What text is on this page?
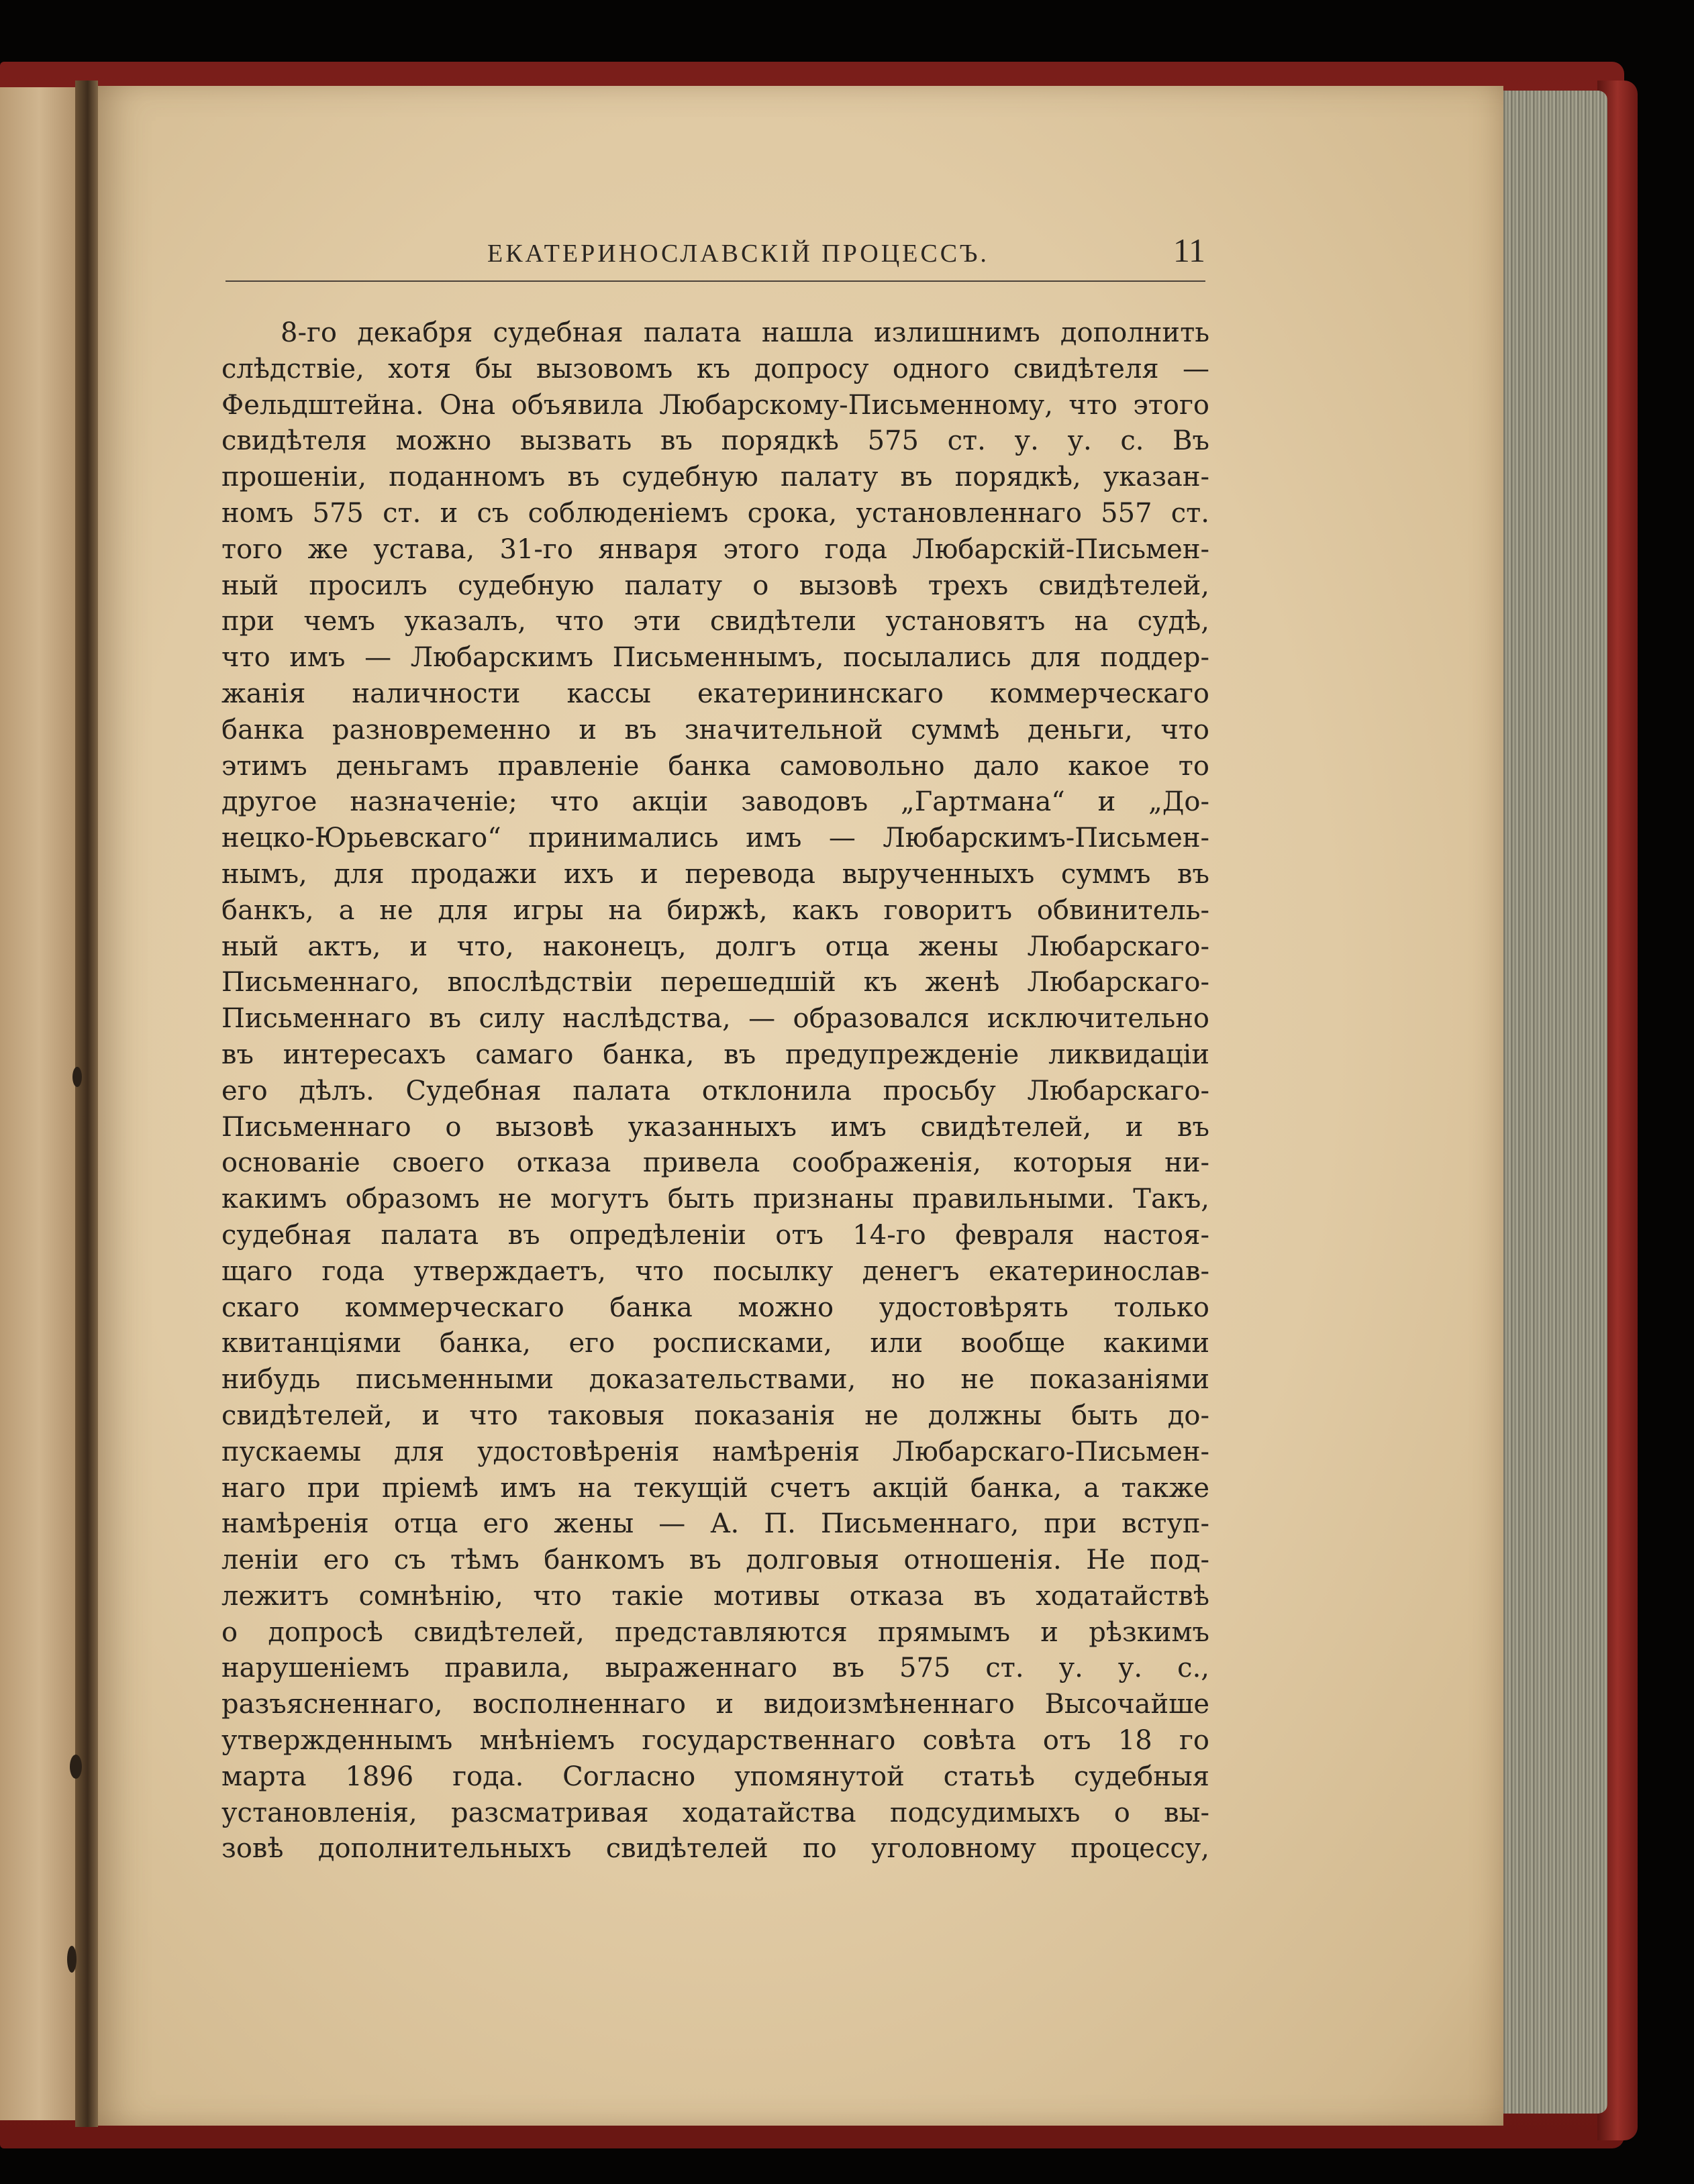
ЕКАТЕРИНОСЛАВСКІЙ ПРОЦЕССЪ.	11
8-го декабря судебная палата нашла излишнимъ дополнить
слѣдствіе, хотя бы вызовомъ къ допросу одного свидѣтеля —
Фельдштейна. Она объявила Любарскому-Письменному, что этого
свидѣтеля можно вызвать въ порядкѣ 575 ст. у. у. с. Въ
прошеніи, поданномъ въ судебную палату въ порядкѣ, указан-
номъ 575 ст. и съ соблюденіемъ срока, установленнаго 557 ст.
того же устава, 31-го января этого года Любарскій-Письмен-
ный просилъ судебную палату о вызовѣ трехъ свидѣтелей,
при чемъ указалъ, что эти свидѣтели установятъ на судѣ,
что имъ — Любарскимъ Письменнымъ, посылались для поддер-
жанія наличности кассы екатерининскаго коммерческаго
банка разновременно и въ значительной суммѣ деньги, что
этимъ деньгамъ правленіе банка самовольно дало какое то
другое назначеніе; что акціи заводовъ „Гартмана“ и „До-
нецко-Юрьевскаго“ принимались имъ — Любарскимъ-Письмен-
нымъ, для продажи ихъ и перевода вырученныхъ суммъ въ
банкъ, а не для игры на биржѣ, какъ говоритъ обвинитель-
ный актъ, и что, наконецъ, долгъ отца жены Любарскаго-
Письменнаго, впослѣдствіи перешедшій къ женѣ Любарскаго-
Письменнаго въ силу наслѣдства, — образовался исключительно
въ интересахъ самаго банка, въ предупрежденіе ликвидаціи
его дѣлъ. Судебная палата отклонила просьбу Любарскаго-
Письменнаго о вызовѣ указанныхъ имъ свидѣтелей, и въ
основаніе своего отказа привела соображенія, которыя ни-
какимъ образомъ не могутъ быть признаны правильными. Такъ,
судебная палата въ опредѣленіи отъ 14-го февраля настоя-
щаго года утверждаетъ, что посылку денегъ екатеринослав-
скаго коммерческаго банка можно удостовѣрять только
квитанціями банка, его росписками, или вообще какими
нибудь письменными доказательствами, но не показаніями
свидѣтелей, и что таковыя показанія не должны быть до-
пускаемы для удостовѣренія намѣренія Любарскаго-Письмен-
наго при пріемѣ имъ на текущій счетъ акцій банка, а также
намѣренія отца его жены — А. П. Письменнаго, при вступ-
леніи его съ тѣмъ банкомъ въ долговыя отношенія. Не под-
лежитъ сомнѣнію, что такіе мотивы отказа въ ходатайствѣ
о допросѣ свидѣтелей, представляются прямымъ и рѣзкимъ
нарушеніемъ правила, выраженнаго въ 575 ст. у. у. с.,
разъясненнаго, восполненнаго и видоизмѣненнаго Высочайше
утвержденнымъ мнѣніемъ государственнаго совѣта отъ 18 го
марта 1896 года. Согласно упомянутой статьѣ судебныя
установленія, разсматривая ходатайства подсудимыхъ о вы-
зовѣ дополнительныхъ свидѣтелей по уголовному процессу,
